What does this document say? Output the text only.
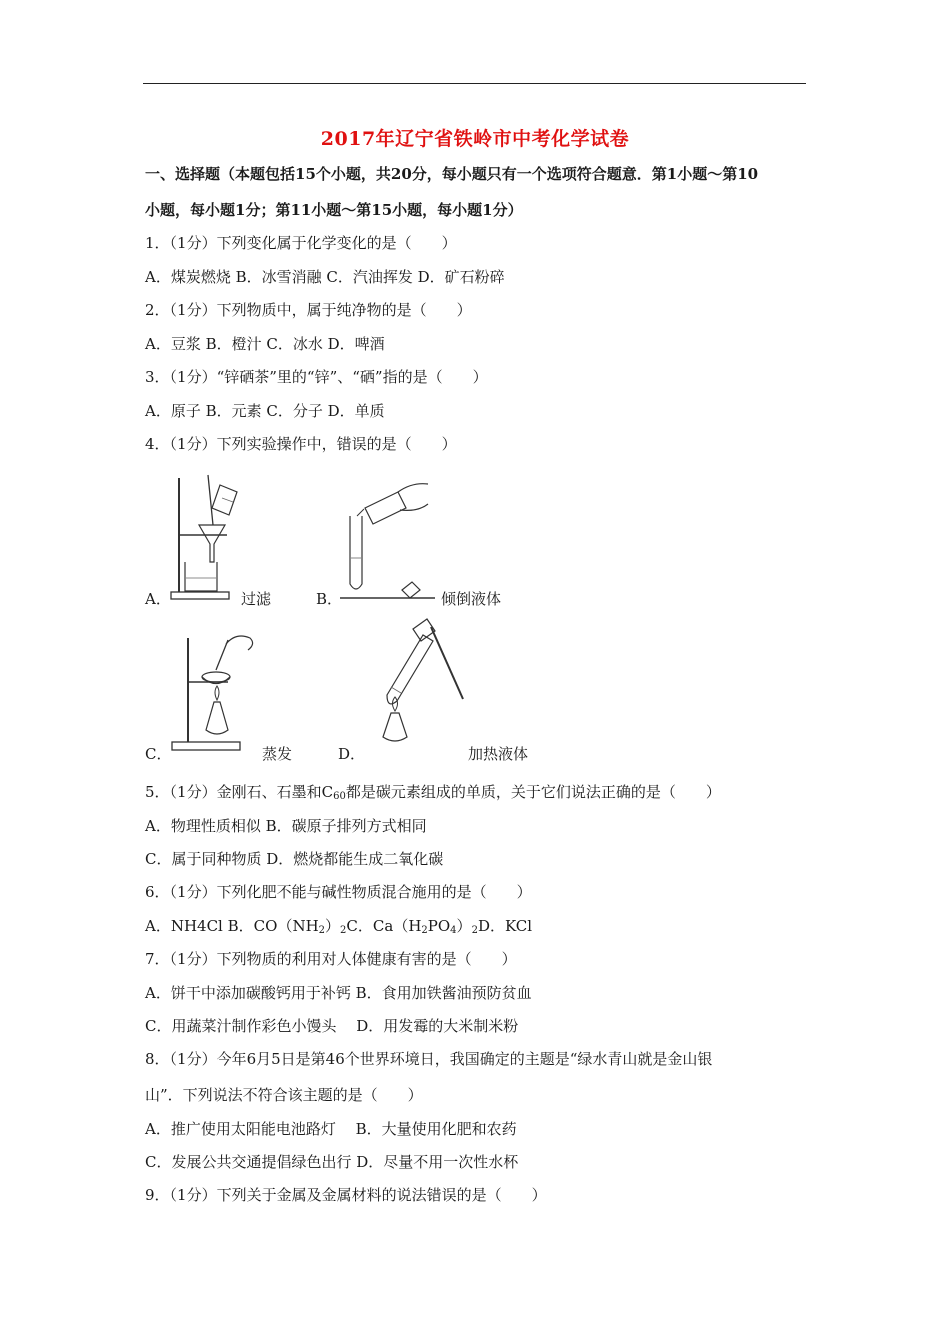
2017年辽宁省铁岭市中考化学试卷
一、选择题（本题包括15个小题，共20分，每小题只有一个选项符合题意．第1小题～第10
小题，每小题1分；第11小题～第15小题，每小题1分）
1．（1分）下列变化属于化学变化的是（　　）
A．煤炭燃烧 B．冰雪消融 C．汽油挥发 D．矿石粉碎
2．（1分）下列物质中，属于纯净物的是（　　）
A．豆浆 B．橙汁 C．冰水 D．啤酒
3．（1分）“锌硒茶”里的“锌”、“硒”指的是（　　）
A．原子 B．元素 C．分子 D．单质
4．（1分）下列实验操作中，错误的是（　　）
A．	过滤	B．	倾倒液体
C．	蒸发	D．	加热液体
5．（1分）金刚石、石墨和$C_{60}$都是碳元素组成的单质，关于它们说法正确的是（　　）
A．物理性质相似 B．碳原子排列方式相同
C．属于同种物质 D．燃烧都能生成二氧化碳
6．（1分）下列化肥不能与碱性物质混合施用的是（　　）
A．NH4Cl B．$CO(NH_2)_2C$．$Ca(H_2PO_4)_2D$．KCl
7．（1分）下列物质的利用对人体健康有害的是（　　）
A．饼干中添加碳酸钙用于补钙 B．食用加铁酱油预防贫血
C．用蔬菜汁制作彩色小馒头　 D．用发霉的大米制米粉
8．（1分）今年6月5日是第46个世界环境日，我国确定的主题是“绿水青山就是金山银
山”．下列说法不符合该主题的是（　　）
A．推广使用太阳能电池路灯　 B．大量使用化肥和农药
C．发展公共交通提倡绿色出行 D．尽量不用一次性水杯
9．（1分）下列关于金属及金属材料的说法错误的是（　　）
